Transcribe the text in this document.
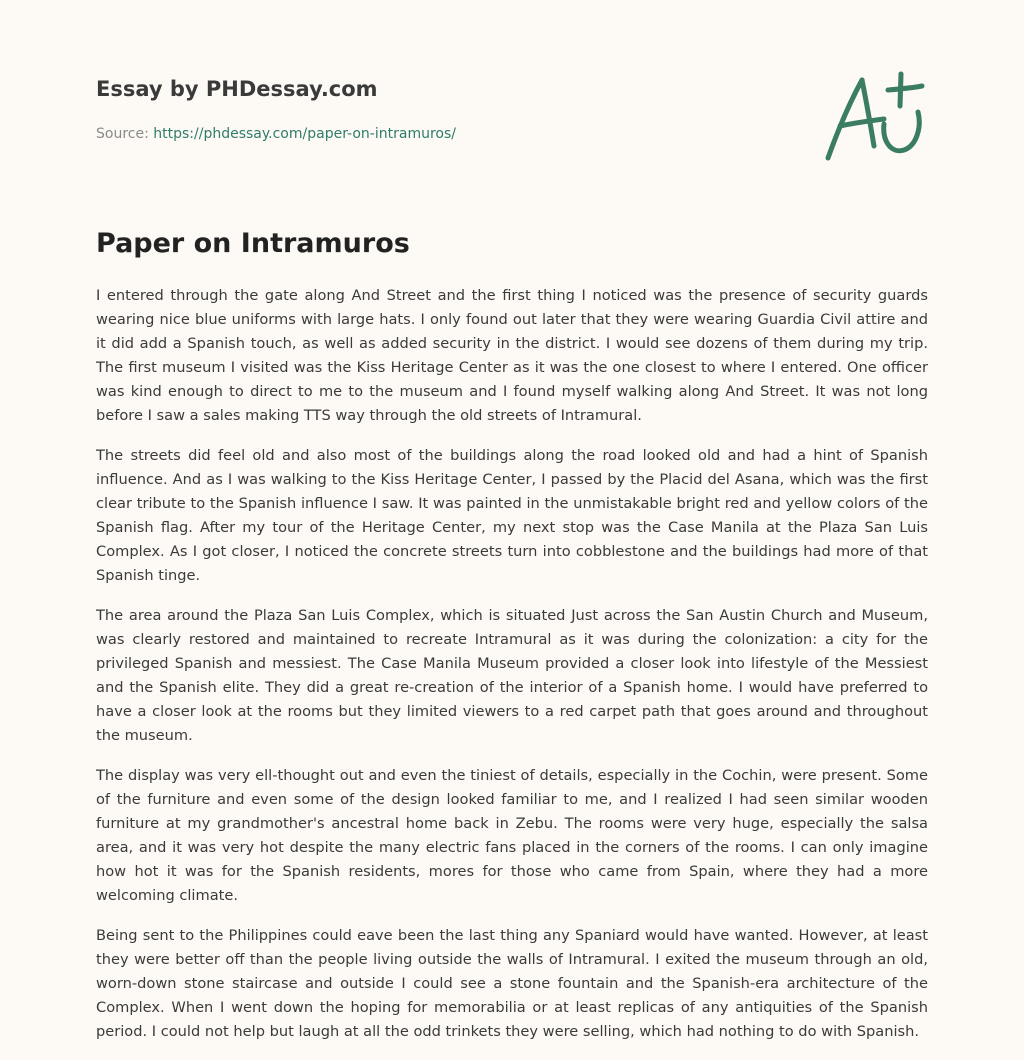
Essay by PHDessay.com
Source: https://phdessay.com/paper-on-intramuros/
Paper on Intramuros

I entered through the gate along And Street and the first thing I noticed was the presence of security guards wearing nice blue uniforms with large hats. I only found out later that they were wearing Guardia Civil attire and it did add a Spanish touch, as well as added security in the district. I would see dozens of them during my trip. The first museum I visited was the Kiss Heritage Center as it was the one closest to where I entered. One officer was kind enough to direct to me to the museum and I found myself walking along And Street. It was not long before I saw a sales making TTS way through the old streets of Intramural.

The streets did feel old and also most of the buildings along the road looked old and had a hint of Spanish influence. And as I was walking to the Kiss Heritage Center, I passed by the Placid del Asana, which was the first clear tribute to the Spanish influence I saw. It was painted in the unmistakable bright red and yellow colors of the Spanish flag. After my tour of the Heritage Center, my next stop was the Case Manila at the Plaza San Luis Complex. As I got closer, I noticed the concrete streets turn into cobblestone and the buildings had more of that Spanish tinge.

The area around the Plaza San Luis Complex, which is situated Just across the San Austin Church and Museum, was clearly restored and maintained to recreate Intramural as it was during the colonization: a city for the privileged Spanish and messiest. The Case Manila Museum provided a closer look into lifestyle of the Messiest and the Spanish elite. They did a great re-creation of the interior of a Spanish home. I would have preferred to have a closer look at the rooms but they limited viewers to a red carpet path that goes around and throughout the museum.

The display was very ell-thought out and even the tiniest of details, especially in the Cochin, were present. Some of the furniture and even some of the design looked familiar to me, and I realized I had seen similar wooden furniture at my grandmother's ancestral home back in Zebu. The rooms were very huge, especially the salsa area, and it was very hot despite the many electric fans placed in the corners of the rooms. I can only imagine how hot it was for the Spanish residents, mores for those who came from Spain, where they had a more welcoming climate.

Being sent to the Philippines could eave been the last thing any Spaniard would have wanted. However, at least they were better off than the people living outside the walls of Intramural. I exited the museum through an old, worn-down stone staircase and outside I could see a stone fountain and the Spanish-era architecture of the Complex. When I went down the hoping for memorabilia or at least replicas of any antiquities of the Spanish period. I could not help but laugh at all the odd trinkets they were selling, which had nothing to do with Spanish.
